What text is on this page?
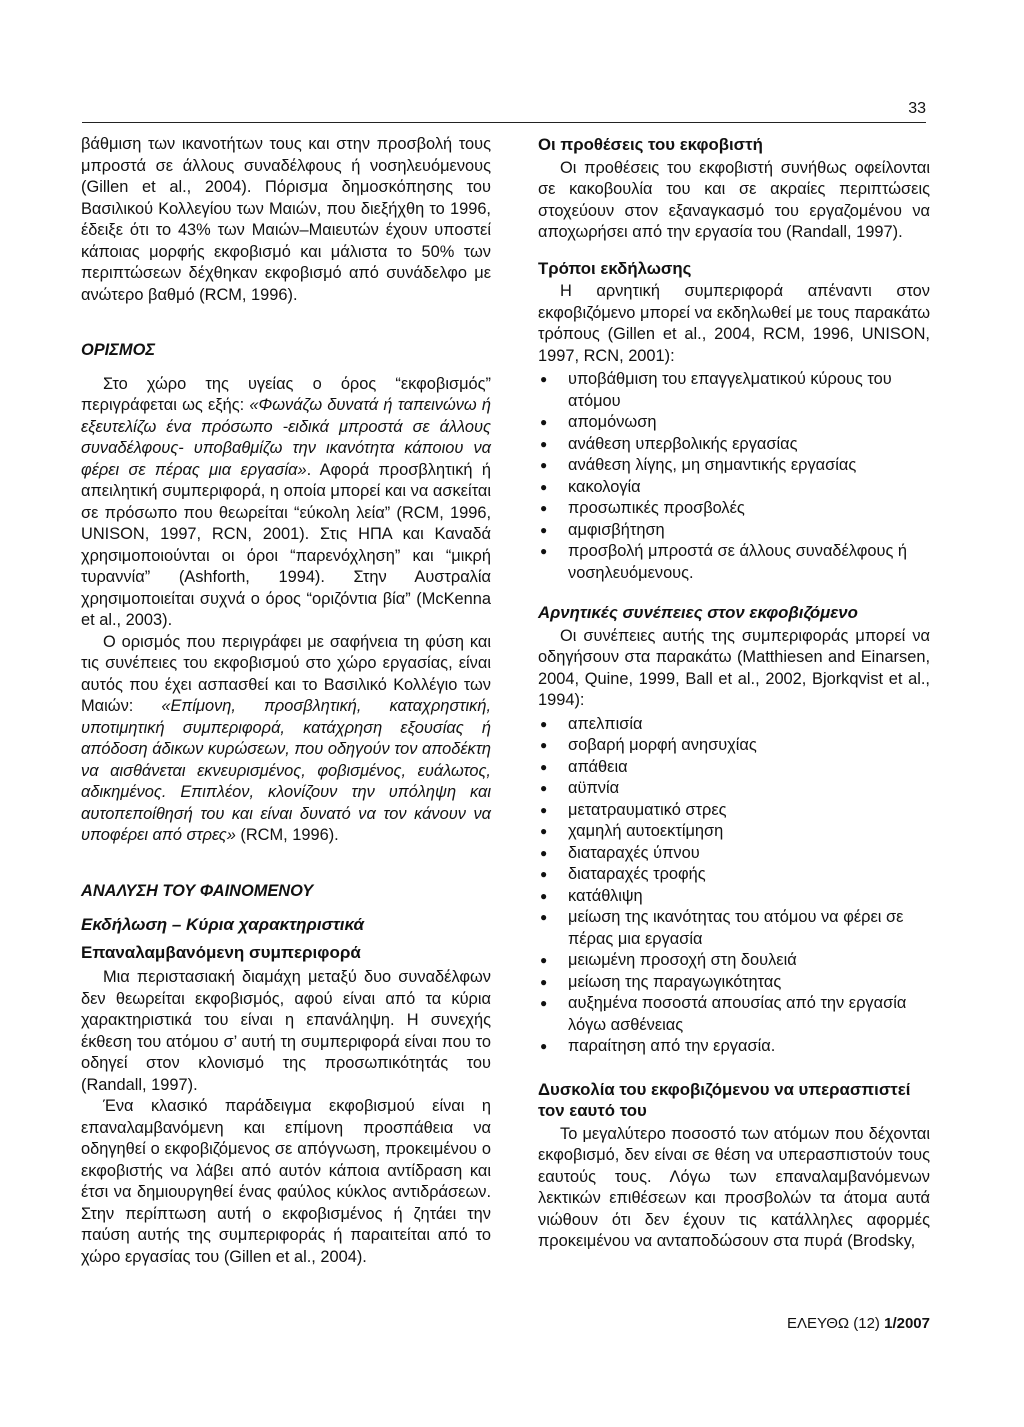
33

βάθμιση των ικανοτήτων τους και στην προσβολή τους μπροστά σε άλλους συναδέλφους ή νοσηλευόμενους (Gillen et al., 2004). Πόρισμα δημοσκόπησης του Βασιλικού Κολλεγίου των Μαιών, που διεξήχθη το 1996, έδειξε ότι το 43% των Μαιών–Μαιευτών έχουν υποστεί κάποιας μορφής εκφοβισμό και μάλιστα το 50% των περιπτώσεων δέχθηκαν εκφοβισμό από συνάδελφο με ανώτερο βαθμό (RCM, 1996).

ΟΡΙΣΜΟΣ

Στο χώρο της υγείας ο όρος “εκφοβισμός” περιγράφεται ως εξής: «Φωνάζω δυνατά ή ταπεινώνω ή εξευτελίζω ένα πρόσωπο -ειδικά μπροστά σε άλλους συναδέλφους- υποβαθμίζω την ικανότητα κάποιου να φέρει σε πέρας μια εργασία». Αφορά προσβλητική ή απειλητική συμπεριφορά, η οποία μπορεί και να ασκείται σε πρόσωπο που θεωρείται “εύκολη λεία” (RCM, 1996, UNISON, 1997, RCN, 2001). Στις ΗΠΑ και Καναδά χρησιμοποιούνται οι όροι “παρενόχληση” και “μικρή τυραννία” (Ashforth, 1994). Στην Αυστραλία χρησιμοποιείται συχνά ο όρος “οριζόντια βία” (McKenna et al., 2003).

Ο ορισμός που περιγράφει με σαφήνεια τη φύση και τις συνέπειες του εκφοβισμού στο χώρο εργασίας, είναι αυτός που έχει ασπασθεί και το Βασιλικό Κολλέγιο των Μαιών: «Επίμονη, προσβλητική, καταχρηστική, υποτιμητική συμπεριφορά, κατάχρηση εξουσίας ή απόδοση άδικων κυρώσεων, που οδηγούν τον αποδέκτη να αισθάνεται εκνευρισμένος, φοβισμένος, ευάλωτος, αδικημένος. Επιπλέον, κλονίζουν την υπόληψη και αυτοπεποίθησή του και είναι δυνατό να τον κάνουν να υποφέρει από στρες» (RCM, 1996).

ΑΝΑΛΥΣΗ ΤΟΥ ΦΑΙΝΟΜΕΝΟΥ
Εκδήλωση – Κύρια χαρακτηριστικά
Επαναλαμβανόμενη συμπεριφορά

Μια περιστασιακή διαμάχη μεταξύ δυο συναδέλφων δεν θεωρείται εκφοβισμός, αφού είναι από τα κύρια χαρακτηριστικά του είναι η επανάληψη. Η συνεχής έκθεση του ατόμου σ’ αυτή τη συμπεριφορά είναι που το οδηγεί στον κλονισμό της προσωπικότητάς του (Randall, 1997).

Ένα κλασικό παράδειγμα εκφοβισμού είναι η επαναλαμβανόμενη και επίμονη προσπάθεια να οδηγηθεί ο εκφοβιζόμενος σε απόγνωση, προκειμένου ο εκφοβιστής να λάβει από αυτόν κάποια αντίδραση και έτσι να δημιουργηθεί ένας φαύλος κύκλος αντιδράσεων. Στην περίπτωση αυτή ο εκφοβισμένος ή ζητάει την παύση αυτής της συμπεριφοράς ή παραιτείται από το χώρο εργασίας του (Gillen et al., 2004).

Οι προθέσεις του εκφοβιστή

Οι προθέσεις του εκφοβιστή συνήθως οφείλονται σε κακοβουλία του και σε ακραίες περιπτώσεις στοχεύουν στον εξαναγκασμό του εργαζομένου να αποχωρήσει από την εργασία του (Randall, 1997).

Τρόποι εκδήλωσης

Η αρνητική συμπεριφορά απέναντι στον εκφοβιζόμενο μπορεί να εκδηλωθεί με τους παρακάτω τρόπους (Gillen et al., 2004, RCM, 1996, UNISON, 1997, RCN, 2001):

● υποβάθμιση του επαγγελματικού κύρους του ατόμου
● απομόνωση
● ανάθεση υπερβολικής εργασίας
● ανάθεση λίγης, μη σημαντικής εργασίας
● κακολογία
● προσωπικές προσβολές
● αμφισβήτηση
● προσβολή μπροστά σε άλλους συναδέλφους ή νοσηλευόμενους.
Αρνητικές συνέπειες στον εκφοβιζόμενο

Οι συνέπειες αυτής της συμπεριφοράς μπορεί να οδηγήσουν στα παρακάτω (Matthiesen and Einarsen, 2004, Quine, 1999, Ball et al., 2002, Bjorkqvist et al., 1994):

● απελπισία
● σοβαρή μορφή ανησυχίας
● απάθεια
● αϋπνία
● μετατραυματικό στρες
● χαμηλή αυτοεκτίμηση
● διαταραχές ύπνου
● διαταραχές τροφής
● κατάθλιψη
● μείωση της ικανότητας του ατόμου να φέρει σε πέρας μια εργασία
● μειωμένη προσοχή στη δουλειά
● μείωση της παραγωγικότητας
● αυξημένα ποσοστά απουσίας από την εργασία λόγω ασθένειας
● παραίτηση από την εργασία.
Δυσκολία του εκφοβιζόμενου να υπερασπιστεί τον εαυτό του

Το μεγαλύτερο ποσοστό των ατόμων που δέχονται εκφοβισμό, δεν είναι σε θέση να υπερασπιστούν τους εαυτούς τους. Λόγω των επαναλαμβανόμενων λεκτικών επιθέσεων και προσβολών τα άτομα αυτά νιώθουν ότι δεν έχουν τις κατάλληλες αφορμές προκειμένου να ανταποδώσουν στα πυρά (Brodsky,

ΕΛΕΥΘΩ (12) 1/2007
